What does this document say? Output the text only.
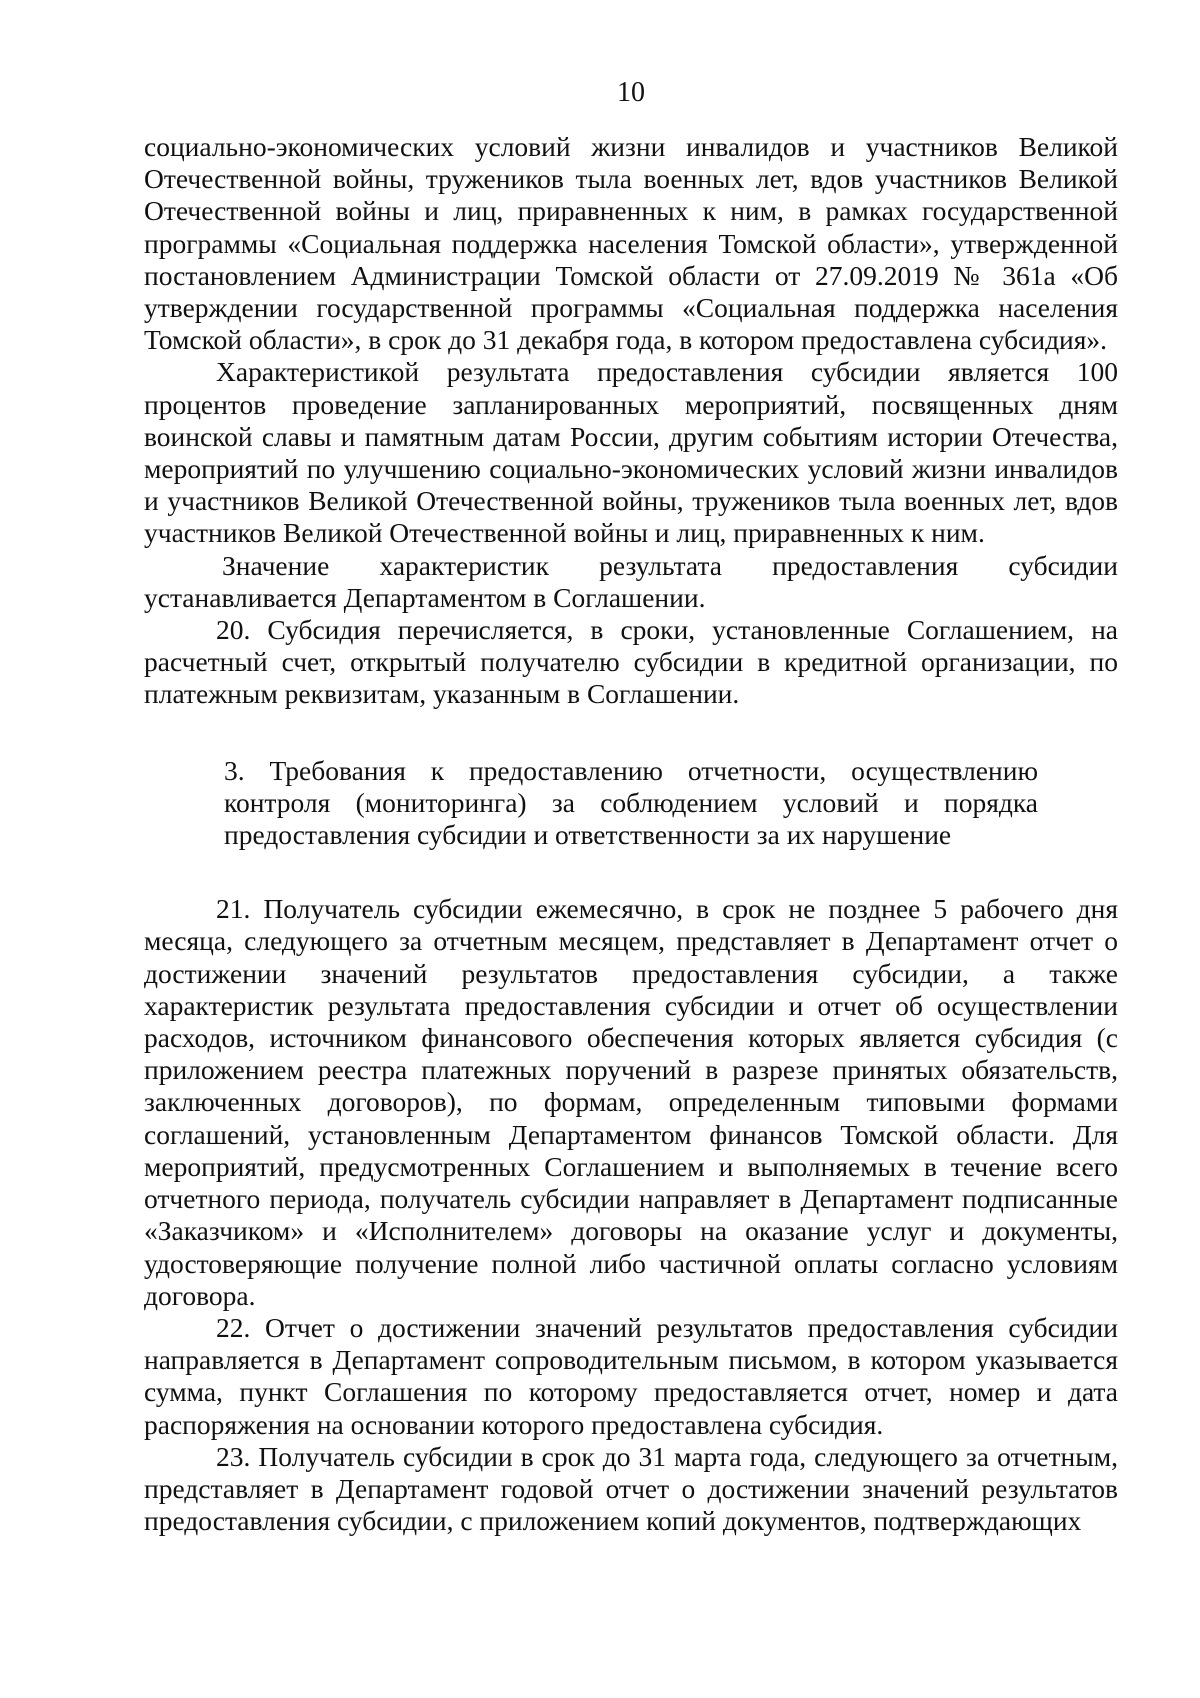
10

социально-экономических условий жизни инвалидов и участников Великой Отечественной войны, тружеников тыла военных лет, вдов участников Великой Отечественной войны и лиц, приравненных к ним, в рамках государственной программы «Социальная поддержка населения Томской области», утвержденной постановлением Администрации Томской области от 27.09.2019 № 361а «Об утверждении государственной программы «Социальная поддержка населения Томской области», в срок до 31 декабря года, в котором предоставлена субсидия».

Характеристикой результата предоставления субсидии является 100 процентов проведение запланированных мероприятий, посвященных дням воинской славы и памятным датам России, другим событиям истории Отечества, мероприятий по улучшению социально-экономических условий жизни инвалидов и участников Великой Отечественной войны, тружеников тыла военных лет, вдов участников Великой Отечественной войны и лиц, приравненных к ним.

Значение характеристик результата предоставления субсидии устанавливается Департаментом в Соглашении.

20. Субсидия перечисляется, в сроки, установленные Соглашением, на расчетный счет, открытый получателю субсидии в кредитной организации, по платежным реквизитам, указанным в Соглашении.

3. Требования к предоставлению отчетности, осуществлению контроля (мониторинга) за соблюдением условий и порядка предоставления субсидии и ответственности за их нарушение

21. Получатель субсидии ежемесячно, в срок не позднее 5 рабочего дня месяца, следующего за отчетным месяцем, представляет в Департамент отчет о достижении значений результатов предоставления субсидии, а также характеристик результата предоставления субсидии и отчет об осуществлении расходов, источником финансового обеспечения которых является субсидия (с приложением реестра платежных поручений в разрезе принятых обязательств, заключенных договоров), по формам, определенным типовыми формами соглашений, установленным Департаментом финансов Томской области. Для мероприятий, предусмотренных Соглашением и выполняемых в течение всего отчетного периода, получатель субсидии направляет в Департамент подписанные «Заказчиком» и «Исполнителем» договоры на оказание услуг и документы, удостоверяющие получение полной либо частичной оплаты согласно условиям договора.

22. Отчет о достижении значений результатов предоставления субсидии направляется в Департамент сопроводительным письмом, в котором указывается сумма, пункт Соглашения по которому предоставляется отчет, номер и дата распоряжения на основании которого предоставлена субсидия.

23. Получатель субсидии в срок до 31 марта года, следующего за отчетным, представляет в Департамент годовой отчет о достижении значений результатов предоставления субсидии, с приложением копий документов, подтверждающих
